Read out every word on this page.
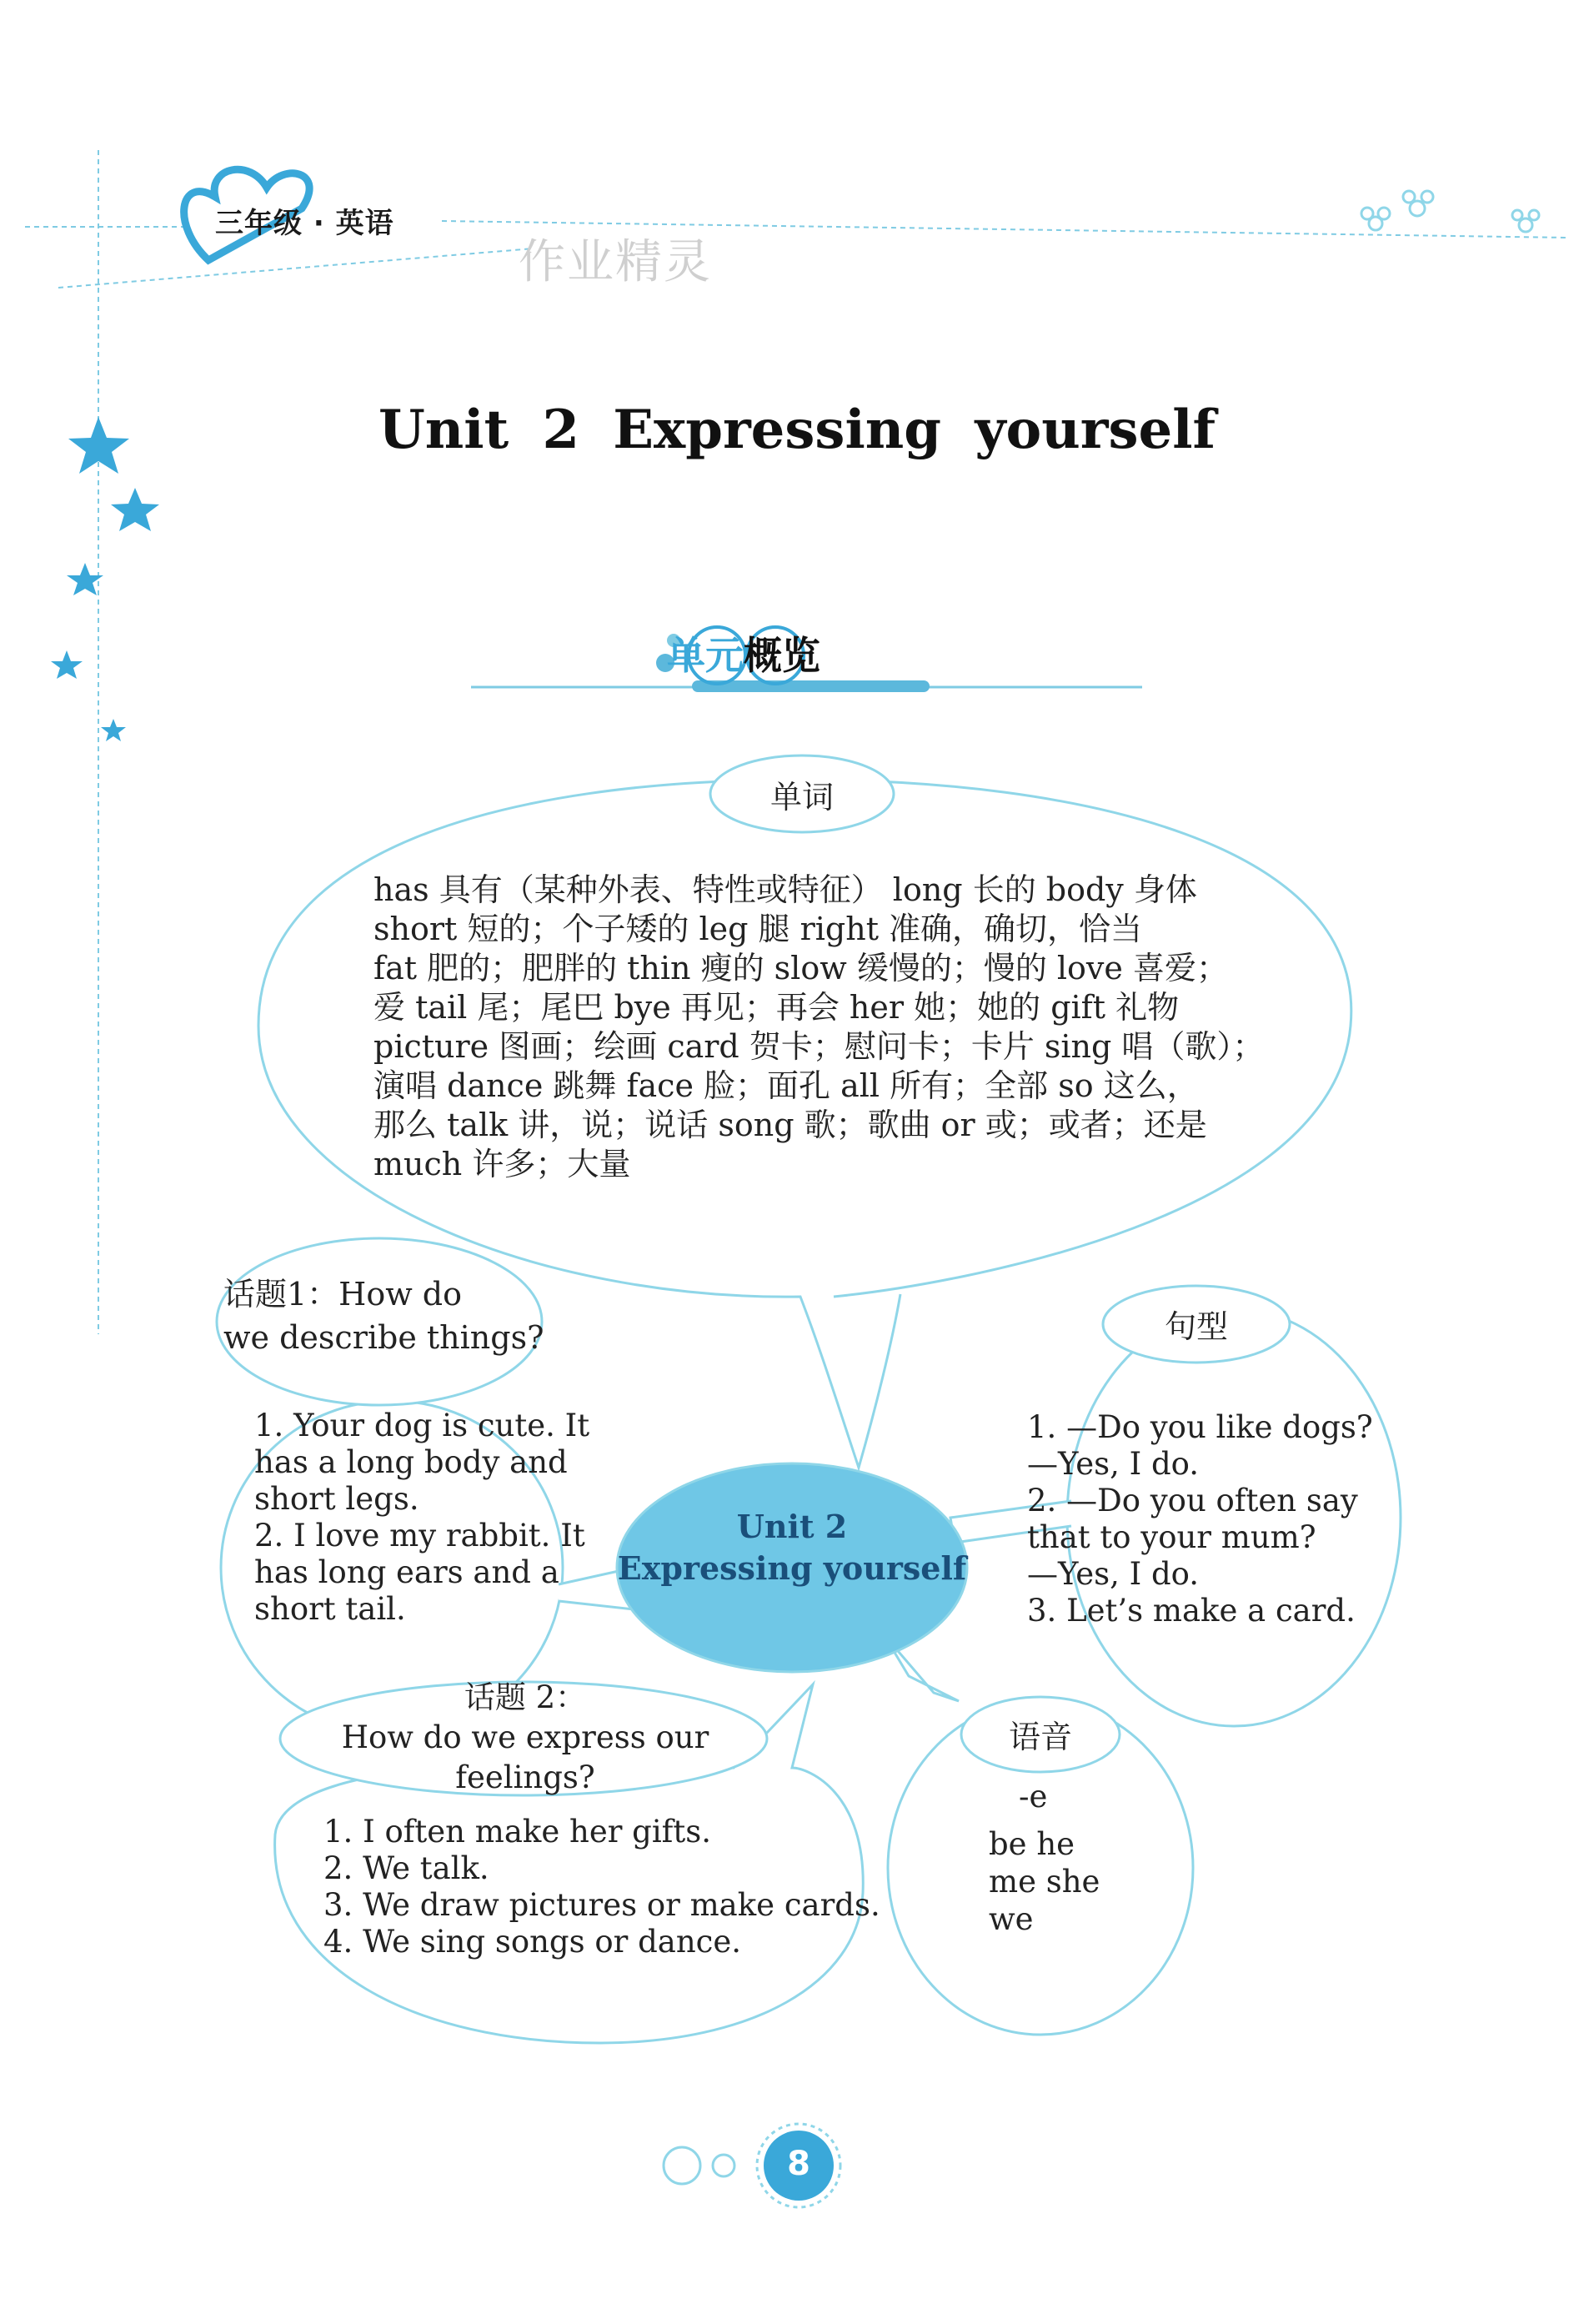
三年级 · 英语
作业精灵
Unit 2 Expressing yourself
单元概览
单词
has 具有（某种外表、特性或特征） long 长的 body 身体
short 短的；个子矮的 leg 腿 right 准确，确切，恰当
fat 肥的；肥胖的 thin 瘦的 slow 缓慢的；慢的 love 喜爱；
爱 tail 尾；尾巴 bye 再见；再会 her 她；她的 gift 礼物
picture 图画；绘画 card 贺卡；慰问卡；卡片 sing 唱（歌）；
演唱 dance 跳舞 face 脸；面孔 all 所有；全部 so 这么，
那么 talk 讲，说；说话 song 歌；歌曲 or 或；或者；还是
much 许多；大量
话题1：How do
we describe things?
1. Your dog is cute. It
has a long body and
short legs.
2. I love my rabbit. It
has long ears and a
short tail.
Unit 2
Expressing yourself
句型
1. —Do you like dogs?
—Yes, I do.
2. —Do you often say
that to your mum?
—Yes, I do.
3. Let’s make a card.
话题 2：
How do we express our feelings?
1. I often make her gifts.
2. We talk.
3. We draw pictures or make cards.
4. We sing songs or dance.
语音
-e
be he
me she
we
8
